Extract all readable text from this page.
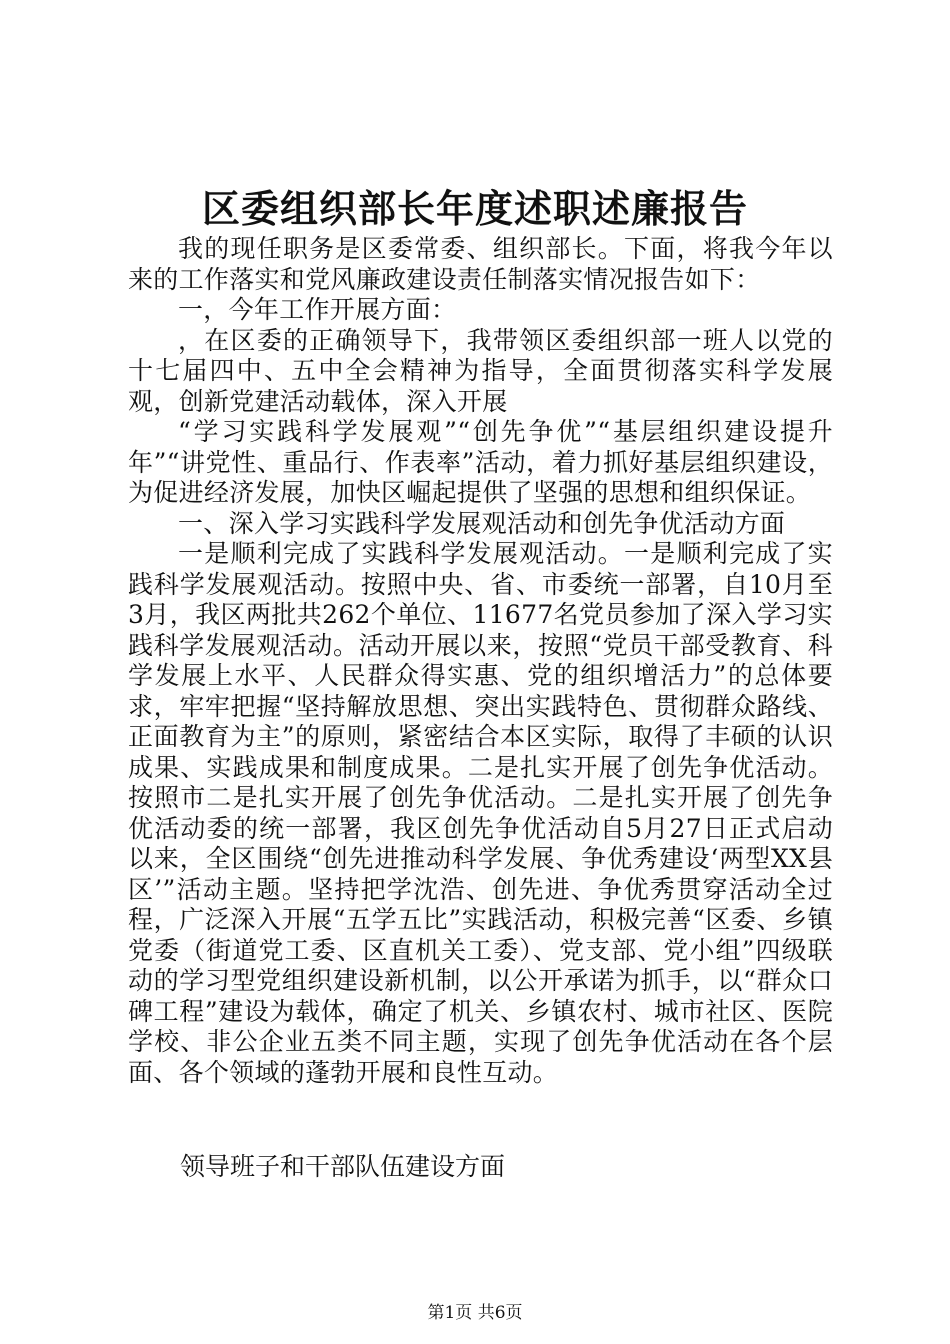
区委组织部长年度述职述廉报告

我的现任职务是区委常委、组织部长。下面，将我今年以来的工作落实和党风廉政建设责任制落实情况报告如下：

一，今年工作开展方面：

，在区委的正确领导下，我带领区委组织部一班人以党的十七届四中、五中全会精神为指导，全面贯彻落实科学发展观，创新党建活动载体，深入开展

“学习实践科学发展观”“创先争优”“基层组织建设提升年”“讲党性、重品行、作表率”活动，着力抓好基层组织建设，为促进经济发展，加快区崛起提供了坚强的思想和组织保证。

一、深入学习实践科学发展观活动和创先争优活动方面

一是顺利完成了实践科学发展观活动。一是顺利完成了实践科学发展观活动。按照中央、省、市委统一部署，自10月至3月，我区两批共262个单位、11677名党员参加了深入学习实践科学发展观活动。活动开展以来，按照“党员干部受教育、科学发展上水平、人民群众得实惠、党的组织增活力”的总体要求，牢牢把握“坚持解放思想、突出实践特色、贯彻群众路线、正面教育为主”的原则，紧密结合本区实际，取得了丰硕的认识成果、实践成果和制度成果。二是扎实开展了创先争优活动。按照市二是扎实开展了创先争优活动。二是扎实开展了创先争优活动委的统一部署，我区创先争优活动自5月27日正式启动以来，全区围绕“创先进推动科学发展、争优秀建设‘两型XX县区’”活动主题。坚持把学沈浩、创先进、争优秀贯穿活动全过程，广泛深入开展“五学五比”实践活动，积极完善“区委、乡镇党委（街道党工委、区直机关工委）、党支部、党小组”四级联动的学习型党组织建设新机制，以公开承诺为抓手，以“群众口碑工程”建设为载体，确定了机关、乡镇农村、城市社区、医院学校、非公企业五类不同主题，实现了创先争优活动在各个层面、各个领域的蓬勃开展和良性互动。

领导班子和干部队伍建设方面

第1页 共6页
